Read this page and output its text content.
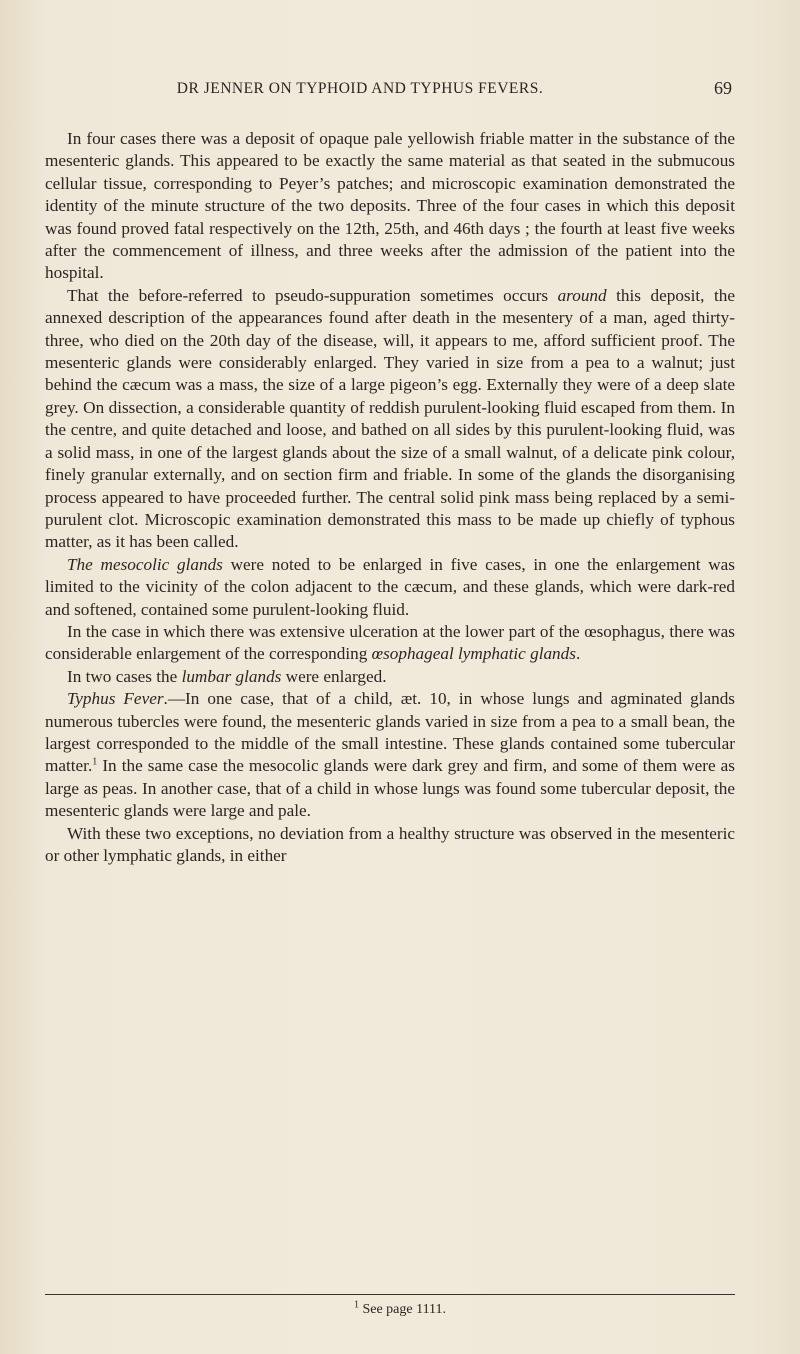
DR JENNER ON TYPHOID AND TYPHUS FEVERS.	69

In four cases there was a deposit of opaque pale yellowish friable matter in the substance of the mesenteric glands. This appeared to be exactly the same material as that seated in the submucous cellular tissue, corresponding to Peyer’s patches; and microscopic examination demonstrated the identity of the minute structure of the two deposits. Three of the four cases in which this deposit was found proved fatal respectively on the 12th, 25th, and 46th days ; the fourth at least five weeks after the commencement of illness, and three weeks after the admission of the patient into the hospital.

That the before-referred to pseudo-suppuration sometimes occurs around this deposit, the annexed description of the appearances found after death in the mesentery of a man, aged thirty-three, who died on the 20th day of the disease, will, it appears to me, afford sufficient proof. The mesenteric glands were considerably enlarged. They varied in size from a pea to a walnut; just behind the cæcum was a mass, the size of a large pigeon’s egg. Externally they were of a deep slate grey. On dissection, a considerable quantity of reddish purulent-looking fluid escaped from them. In the centre, and quite detached and loose, and bathed on all sides by this purulent-looking fluid, was a solid mass, in one of the largest glands about the size of a small walnut, of a delicate pink colour, finely granular externally, and on section firm and friable. In some of the glands the disorganising process appeared to have proceeded further. The central solid pink mass being replaced by a semi-purulent clot. Microscopic examination demonstrated this mass to be made up chiefly of typhous matter, as it has been called.

The mesocolic glands were noted to be enlarged in five cases, in one the enlargement was limited to the vicinity of the colon adjacent to the cæcum, and these glands, which were dark-red and softened, contained some purulent-looking fluid.

In the case in which there was extensive ulceration at the lower part of the œsophagus, there was considerable enlargement of the corresponding œsophageal lymphatic glands.

In two cases the lumbar glands were enlarged.

Typhus Fever.—In one case, that of a child, æt. 10, in whose lungs and agminated glands numerous tubercles were found, the mesenteric glands varied in size from a pea to a small bean, the largest corresponded to the middle of the small intestine. These glands contained some tubercular matter.$^1$ In the same case the mesocolic glands were dark grey and firm, and some of them were as large as peas. In another case, that of a child in whose lungs was found some tubercular deposit, the mesenteric glands were large and pale.

With these two exceptions, no deviation from a healthy structure was observed in the mesenteric or other lymphatic glands, in either

$^1$ See page 1111.
